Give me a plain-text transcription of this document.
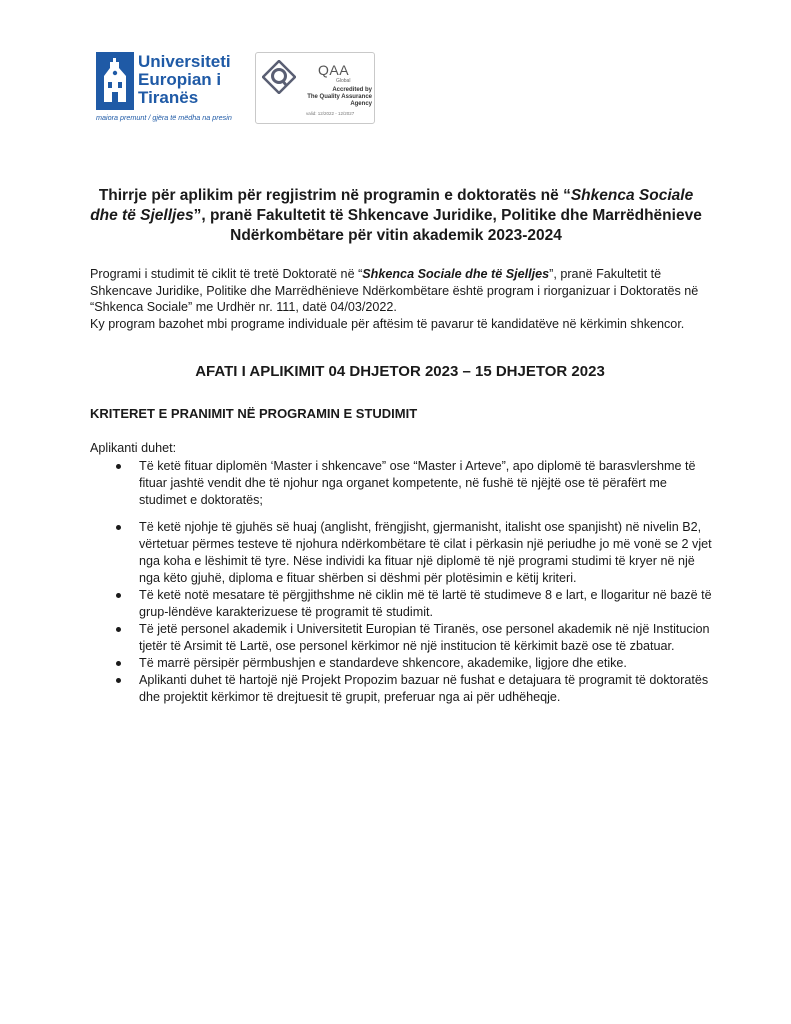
Universiteti
Europian i
Tiranës
maiora premunt / gjëra të mëdha na presin
QAA
Global
Accredited by
The Quality Assurance Agency
valid: 12/2022 - 12/2027
Thirrje për aplikim për regjistrim në programin e doktoratës në “Shkenca Sociale dhe të Sjelljes”, pranë Fakultetit të Shkencave Juridike, Politike dhe Marrëdhënieve Ndërkombëtare për vitin akademik 2023-2024

Programi i studimit të ciklit të tretë Doktoratë në “Shkenca Sociale dhe të Sjelljes”, pranë Fakultetit të Shkencave Juridike, Politike dhe Marrëdhënieve Ndërkombëtare është program i riorganizuar i Doktoratës në “Shkenca Sociale” me Urdhër nr. 111, datë 04/03/2022.

Ky program bazohet mbi programe individuale për aftësim të pavarur të kandidatëve në kërkimin shkencor.

AFATI I APLIKIMIT 04 DHJETOR 2023 – 15 DHJETOR 2023
KRITERET E PRANIMIT NË PROGRAMIN E STUDIMIT
Aplikanti duhet:
Të ketë fituar diplomën ‘Master i shkencave” ose “Master i Arteve”, apo diplomë të barasvlershme të fituar jashtë vendit dhe të njohur nga organet kompetente, në fushë të njëjtë ose të përafërt me studimet e doktoratës;
Të ketë njohje të gjuhës së huaj (anglisht, frëngjisht, gjermanisht, italisht ose spanjisht) në nivelin B2, vërtetuar përmes testeve të njohura ndërkombëtare të cilat i përkasin një periudhe jo më vonë se 2 vjet nga koha e lëshimit të tyre. Nëse individi ka fituar një diplomë të një programi studimi të kryer në një nga këto gjuhë, diploma e fituar shërben si dëshmi për plotësimin e këtij kriteri.
Të ketë notë mesatare të përgjithshme në ciklin më të lartë të studimeve 8 e lart, e llogaritur në bazë të grup-lëndëve karakterizuese të programit të studimit.
Të jetë personel akademik i Universitetit Europian të Tiranës, ose personel akademik në një Institucion tjetër të Arsimit të Lartë, ose personel kërkimor në një institucion të kërkimit bazë ose të zbatuar.
Të marrë përsipër përmbushjen e standardeve shkencore, akademike, ligjore dhe etike.
Aplikanti duhet të hartojë një Projekt Propozim bazuar në fushat e detajuara të programit të doktoratës dhe projektit kërkimor të drejtuesit të grupit, preferuar nga ai për udhëheqje.
